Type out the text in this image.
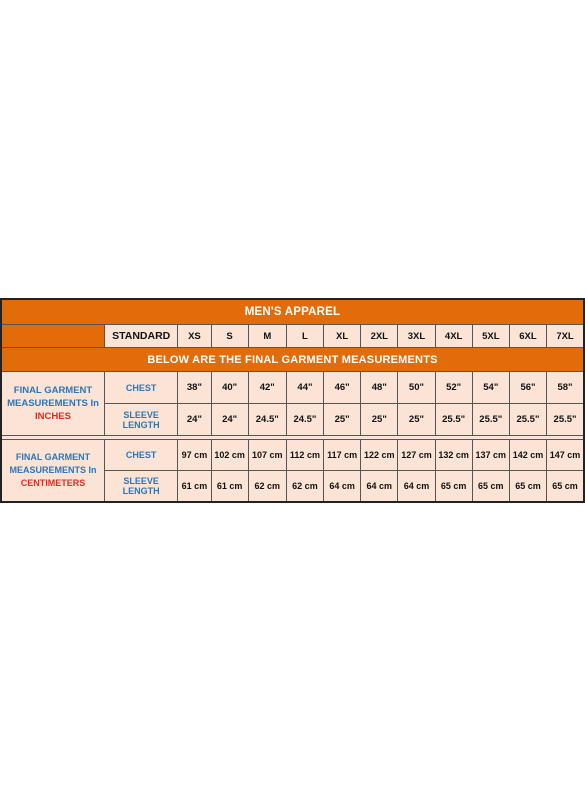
MEN'S APPAREL												
	STANDARD	XS	S	M	L	XL	2XL	3XL	4XL	5XL	6XL	7XL
BELOW ARE THE FINAL GARMENT MEASUREMENTS												
FINAL GARMENT
MEASUREMENTS In
INCHES	CHEST	38"	40"	42"	44"	46"	48"	50"	52"	54"	56"	58"
	SLEEVE LENGTH	24"	24"	24.5"	24.5"	25"	25"	25"	25.5"	25.5"	25.5"	25.5"

FINAL GARMENT
MEASUREMENTS In
CENTIMETERS	CHEST	97 cm	102 cm	107 cm	112 cm	117 cm	122 cm	127 cm	132 cm	137 cm	142 cm	147 cm
	SLEEVE LENGTH	61 cm	61 cm	62 cm	62 cm	64 cm	64 cm	64 cm	65 cm	65 cm	65 cm	65 cm
